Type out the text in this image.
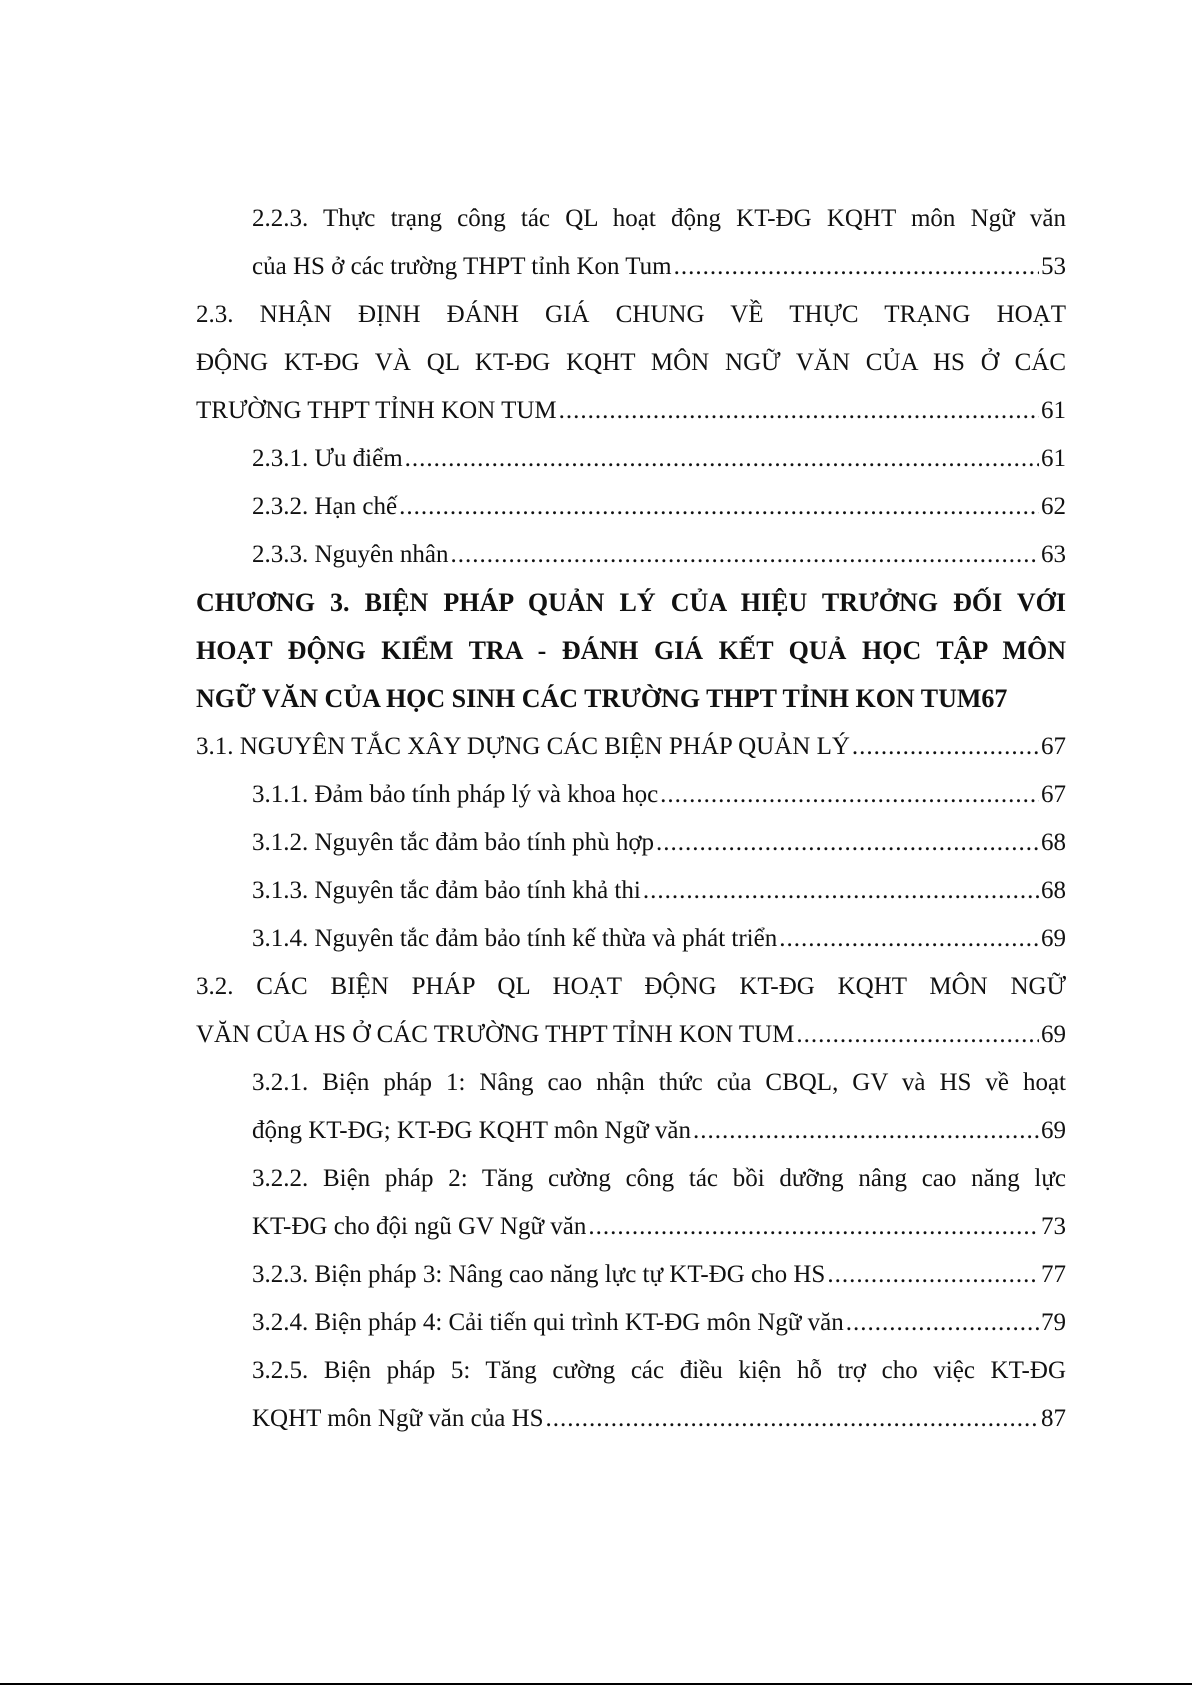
2.2.3. Thực trạng công tác QL hoạt động KT-ĐG KQHT môn Ngữ văn
của HS ở các trường THPT tỉnh Kon Tum .....	53
2.3. NHẬN ĐỊNH ĐÁNH GIÁ CHUNG VỀ THỰC TRẠNG HOẠT
ĐỘNG KT-ĐG VÀ QL KT-ĐG KQHT MÔN NGỮ VĂN CỦA HS Ở CÁC
TRƯỜNG THPT TỈNH KON TUM .....	61
2.3.1. Ưu điểm .....	61
2.3.2. Hạn chế .....	62
2.3.3. Nguyên nhân .....	63
CHƯƠNG 3. BIỆN PHÁP QUẢN LÝ CỦA HIỆU TRƯỞNG ĐỐI VỚI
HOẠT ĐỘNG KIỂM TRA - ĐÁNH GIÁ KẾT QUẢ HỌC TẬP MÔN
NGỮ VĂN CỦA HỌC SINH CÁC TRƯỜNG THPT TỈNH KON TUM 67
3.1. NGUYÊN TẮC XÂY DỰNG CÁC BIỆN PHÁP QUẢN LÝ .....	67
3.1.1. Đảm bảo tính pháp lý và khoa học .....	67
3.1.2. Nguyên tắc đảm bảo tính phù hợp .....	68
3.1.3. Nguyên tắc đảm bảo tính khả thi .....	68
3.1.4. Nguyên tắc đảm bảo tính kế thừa và phát triển .....	69
3.2. CÁC BIỆN PHÁP QL HOẠT ĐỘNG KT-ĐG KQHT MÔN NGỮ
VĂN CỦA HS Ở CÁC TRƯỜNG THPT TỈNH KON TUM .....	69
3.2.1. Biện pháp 1: Nâng cao nhận thức của CBQL, GV và HS về hoạt
động KT-ĐG; KT-ĐG KQHT môn Ngữ văn .....	69
3.2.2. Biện pháp 2: Tăng cường công tác bồi dưỡng nâng cao năng lực
KT-ĐG cho đội ngũ GV Ngữ văn .....	73
3.2.3. Biện pháp 3: Nâng cao năng lực tự KT-ĐG cho HS .....	77
3.2.4. Biện pháp 4: Cải tiến qui trình KT-ĐG môn Ngữ văn .....	79
3.2.5. Biện pháp 5: Tăng cường các điều kiện hỗ trợ cho việc KT-ĐG
KQHT môn Ngữ văn của HS .....	87
